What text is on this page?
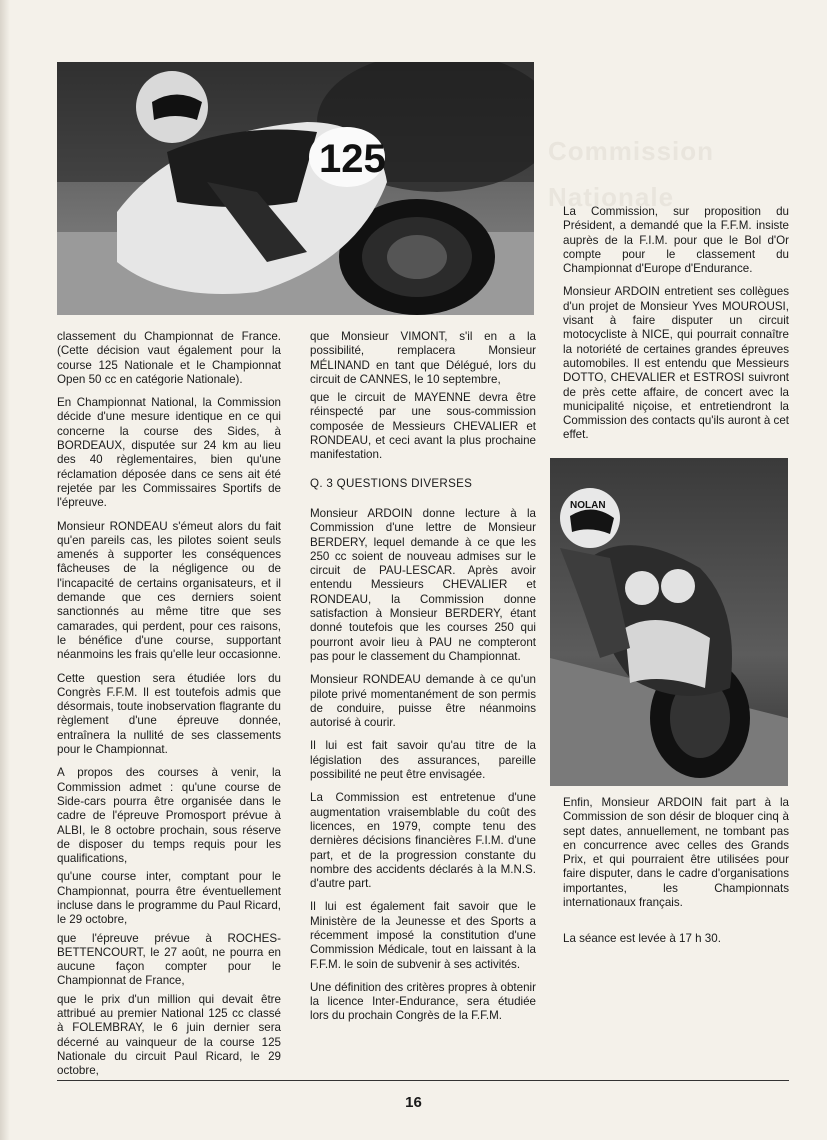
Commission
Nationale
125
NOLAN

classement du Championnat de France. (Cette décision vaut également pour la course 125 Nationale et le Championnat Open 50 cc en catégorie Nationale).

En Championnat National, la Commission décide d'une mesure identique en ce qui concerne la course des Sides, à BORDEAUX, disputée sur 24 km au lieu des 40 règlementaires, bien qu'une réclamation déposée dans ce sens ait été rejetée par les Commissaires Sportifs de l'épreuve.

Monsieur RONDEAU s'émeut alors du fait qu'en pareils cas, les pilotes soient seuls amenés à supporter les conséquences fâcheuses de la négligence ou de l'incapacité de certains organisateurs, et il demande que ces derniers soient sanctionnés au même titre que ses camarades, qui perdent, pour ces raisons, le bénéfice d'une course, supportant néanmoins les frais qu'elle leur occasionne.

Cette question sera étudiée lors du Congrès F.F.M. Il est toutefois admis que désormais, toute inobservation flagrante du règlement d'une épreuve donnée, entraînera la nullité de ses classements pour le Championnat.

A propos des courses à venir, la Commission admet : qu'une course de Side-cars pourra être organisée dans le cadre de l'épreuve Promosport prévue à ALBI, le 8 octobre prochain, sous réserve de disposer du temps requis pour les qualifications,

qu'une course inter, comptant pour le Championnat, pourra être éventuellement incluse dans le programme du Paul Ricard, le 29 octobre,

que l'épreuve prévue à ROCHES-BETTENCOURT, le 27 août, ne pourra en aucune façon compter pour le Championnat de France,

que le prix d'un million qui devait être attribué au premier National 125 cc classé à FOLEMBRAY, le 6 juin dernier sera décerné au vainqueur de la course 125 Nationale du circuit Paul Ricard, le 29 octobre,

que Monsieur VIMONT, s'il en a la possibilité, remplacera Monsieur MÉLINAND en tant que Délégué, lors du circuit de CANNES, le 10 septembre,

que le circuit de MAYENNE devra être réinspecté par une sous-commission composée de Messieurs CHEVALIER et RONDEAU, et ceci avant la plus prochaine manifestation.

Q. 3 QUESTIONS DIVERSES

Monsieur ARDOIN donne lecture à la Commission d'une lettre de Monsieur BERDERY, lequel demande à ce que les 250 cc soient de nouveau admises sur le circuit de PAU-LESCAR. Après avoir entendu Messieurs CHEVALIER et RONDEAU, la Commission donne satisfaction à Monsieur BERDERY, étant donné toutefois que les courses 250 qui pourront avoir lieu à PAU ne compteront pas pour le classement du Championnat.

Monsieur RONDEAU demande à ce qu'un pilote privé momentanément de son permis de conduire, puisse être néanmoins autorisé à courir.

Il lui est fait savoir qu'au titre de la législation des assurances, pareille possibilité ne peut être envisagée.

La Commission est entretenue d'une augmentation vraisemblable du coût des licences, en 1979, compte tenu des dernières décisions financières F.I.M. d'une part, et de la progression constante du nombre des accidents déclarés à la M.N.S. d'autre part.

Il lui est également fait savoir que le Ministère de la Jeunesse et des Sports a récemment imposé la constitution d'une Commission Médicale, tout en laissant à la F.F.M. le soin de subvenir à ses activités.

Une définition des critères propres à obtenir la licence Inter-Endurance, sera étudiée lors du prochain Congrès de la F.F.M.

La Commission, sur proposition du Président, a demandé que la F.F.M. insiste auprès de la F.I.M. pour que le Bol d'Or compte pour le classement du Championnat d'Europe d'Endurance.

Monsieur ARDOIN entretient ses collègues d'un projet de Monsieur Yves MOUROUSI, visant à faire disputer un circuit motocycliste à NICE, qui pourrait connaître la notoriété de certaines grandes épreuves automobiles. Il est entendu que Messieurs DOTTO, CHEVALIER et ESTROSI suivront de près cette affaire, de concert avec la municipalité niçoise, et entretiendront la Commission des contacts qu'ils auront à cet effet.

Enfin, Monsieur ARDOIN fait part à la Commission de son désir de bloquer cinq à sept dates, annuellement, ne tombant pas en concurrence avec celles des Grands Prix, et qui pourraient être utilisées pour faire disputer, dans le cadre d'organisations importantes, les Championnats internationaux français.

La séance est levée à 17 h 30.

16
